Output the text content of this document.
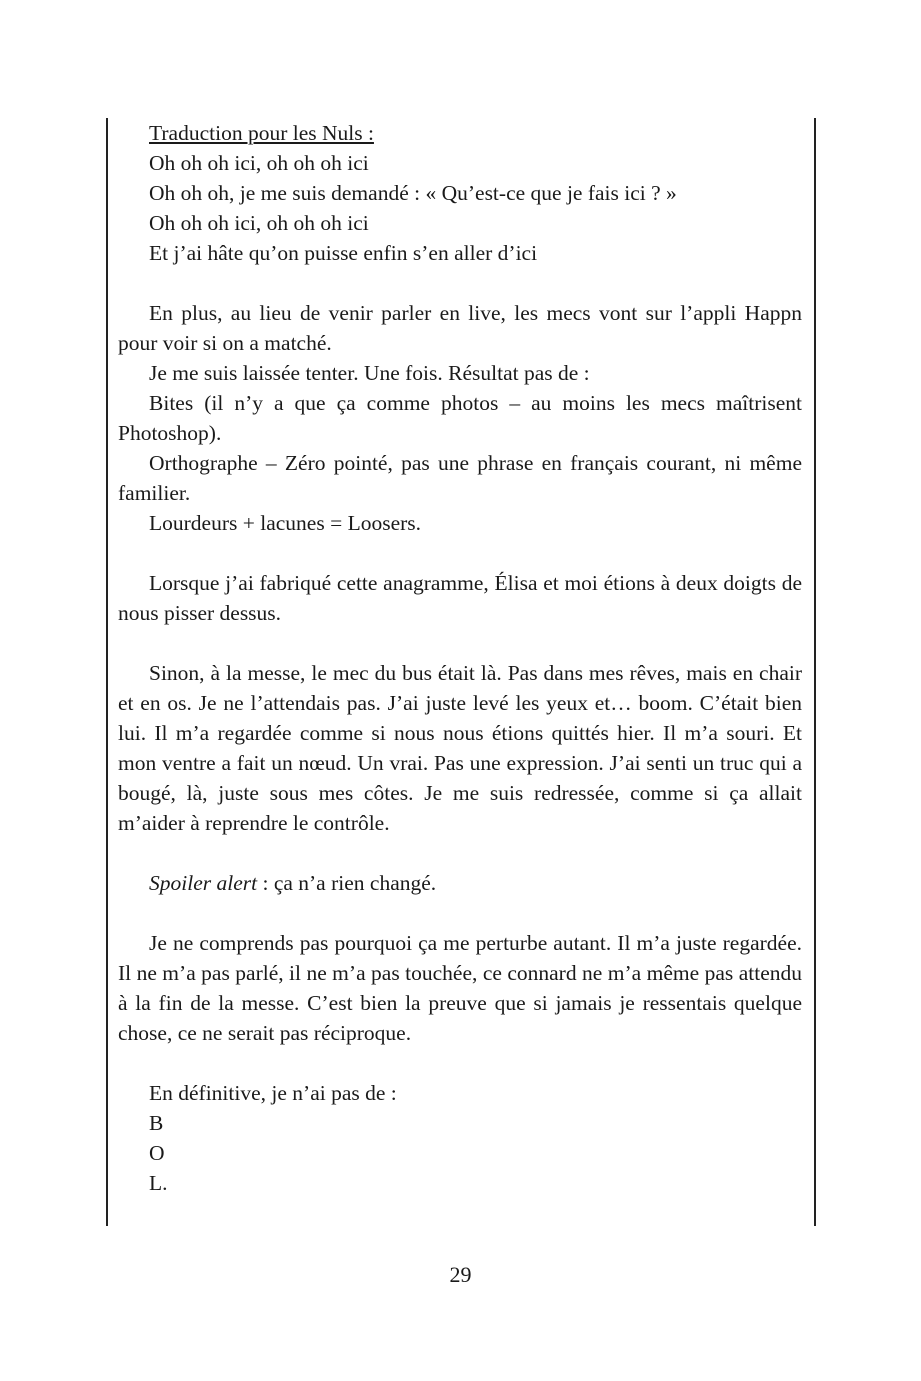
Traduction pour les Nuls :

Oh oh oh ici, oh oh oh ici

Oh oh oh, je me suis demandé : « Qu’est-ce que je fais ici ? »

Oh oh oh ici, oh oh oh ici

Et j’ai hâte qu’on puisse enfin s’en aller d’ici

En plus, au lieu de venir parler en live, les mecs vont sur l’appli Happn pour voir si on a matché.

Je me suis laissée tenter. Une fois. Résultat pas de :

Bites (il n’y a que ça comme photos – au moins les mecs maîtrisent Photoshop).

Orthographe – Zéro pointé, pas une phrase en français courant, ni même familier.

Lourdeurs + lacunes = Loosers.

Lorsque j’ai fabriqué cette anagramme, Élisa et moi étions à deux doigts de nous pisser dessus.

Sinon, à la messe, le mec du bus était là. Pas dans mes rêves, mais en chair et en os. Je ne l’attendais pas. J’ai juste levé les yeux et… boom. C’était bien lui. Il m’a regardée comme si nous nous étions quittés hier. Il m’a souri. Et mon ventre a fait un nœud. Un vrai. Pas une expression. J’ai senti un truc qui a bougé, là, juste sous mes côtes. Je me suis redressée, comme si ça allait m’aider à reprendre le contrôle.

Spoiler alert : ça n’a rien changé.

Je ne comprends pas pourquoi ça me perturbe autant. Il m’a juste regardée. Il ne m’a pas parlé, il ne m’a pas touchée, ce connard ne m’a même pas attendu à la fin de la messe. C’est bien la preuve que si jamais je ressentais quelque chose, ce ne serait pas réciproque.

En définitive, je n’ai pas de :

B

O

L.

29
